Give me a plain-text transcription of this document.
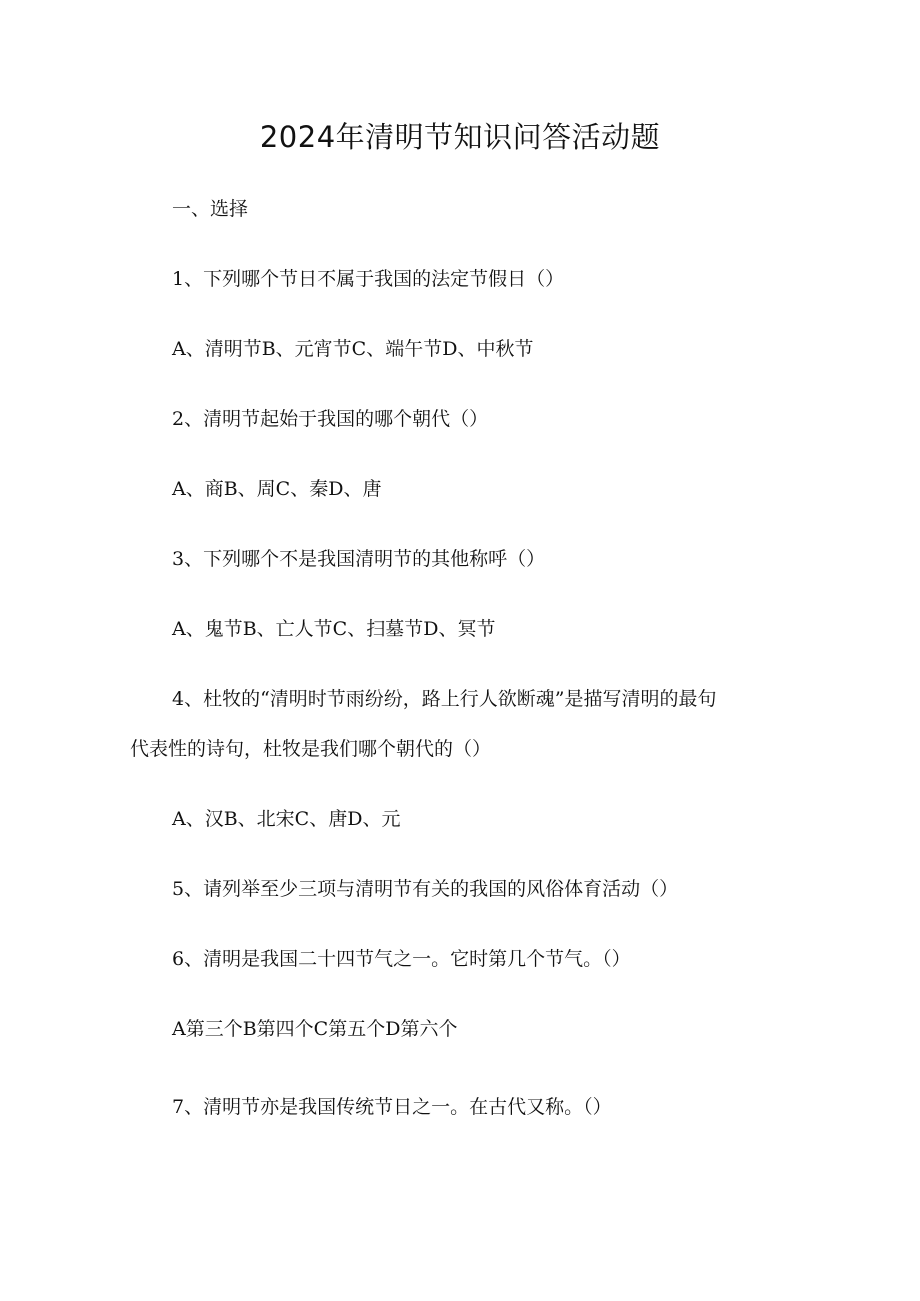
2024年清明节知识问答活动题
一、选择
1、下列哪个节日不属于我国的法定节假日（）
A、清明节B、元宵节C、端午节D、中秋节
2、清明节起始于我国的哪个朝代（）
A、商B、周C、秦D、唐
3、下列哪个不是我国清明节的其他称呼（）
A、鬼节B、亡人节C、扫墓节D、冥节
4、杜牧的“清明时节雨纷纷，路上行人欲断魂”是描写清明的最句
代表性的诗句，杜牧是我们哪个朝代的（）
A、汉B、北宋C、唐D、元
5、请列举至少三项与清明节有关的我国的风俗体育活动（）
6、清明是我国二十四节气之一。它时第几个节气。（）
A第三个B第四个C第五个D第六个
7、清明节亦是我国传统节日之一。在古代又称。（）
